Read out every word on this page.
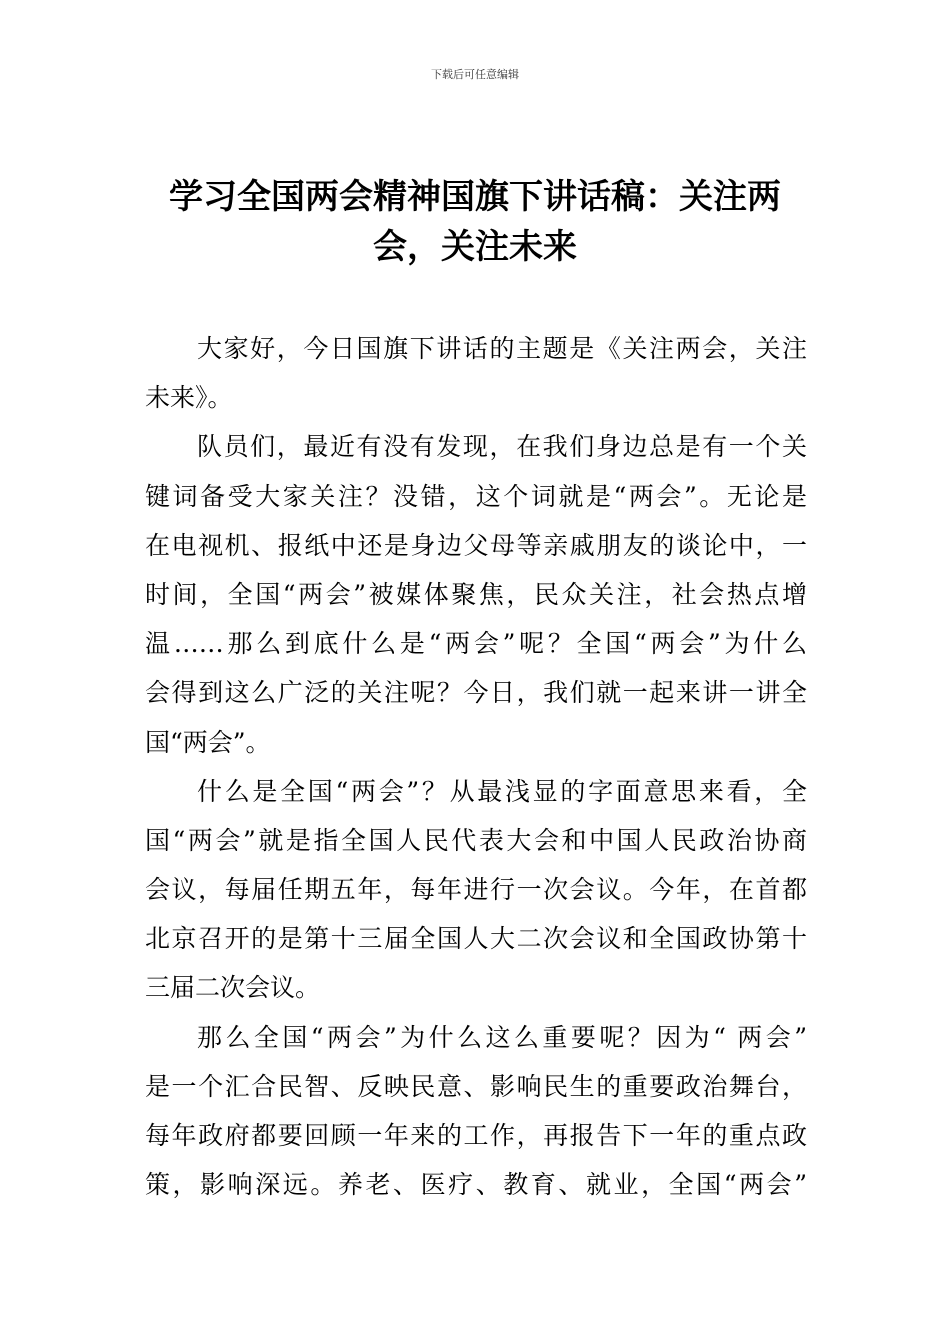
下载后可任意编辑
学习全国两会精神国旗下讲话稿：关注两
会，关注未来
大家好，今日国旗下讲话的主题是《关注两会，关注
未来》。
队员们，最近有没有发现，在我们身边总是有一个关
键词备受大家关注？没错，这个词就是“两会”。无论是
在电视机、报纸中还是身边父母等亲戚朋友的谈论中，一
时间，全国“两会”被媒体聚焦，民众关注，社会热点增
温……那么到底什么是“两会”呢？全国“两会”为什么
会得到这么广泛的关注呢？今日，我们就一起来讲一讲全
国“两会”。
什么是全国“两会”？从最浅显的字面意思来看，全
国“两会”就是指全国人民代表大会和中国人民政治协商
会议，每届任期五年，每年进行一次会议。今年，在首都
北京召开的是第十三届全国人大二次会议和全国政协第十
三届二次会议。
那么全国“两会”为什么这么重要呢？因为“ 两会”
是一个汇合民智、反映民意、影响民生的重要政治舞台，
每年政府都要回顾一年来的工作，再报告下一年的重点政
策，影响深远。养老、医疗、教育、就业，全国“两会”
